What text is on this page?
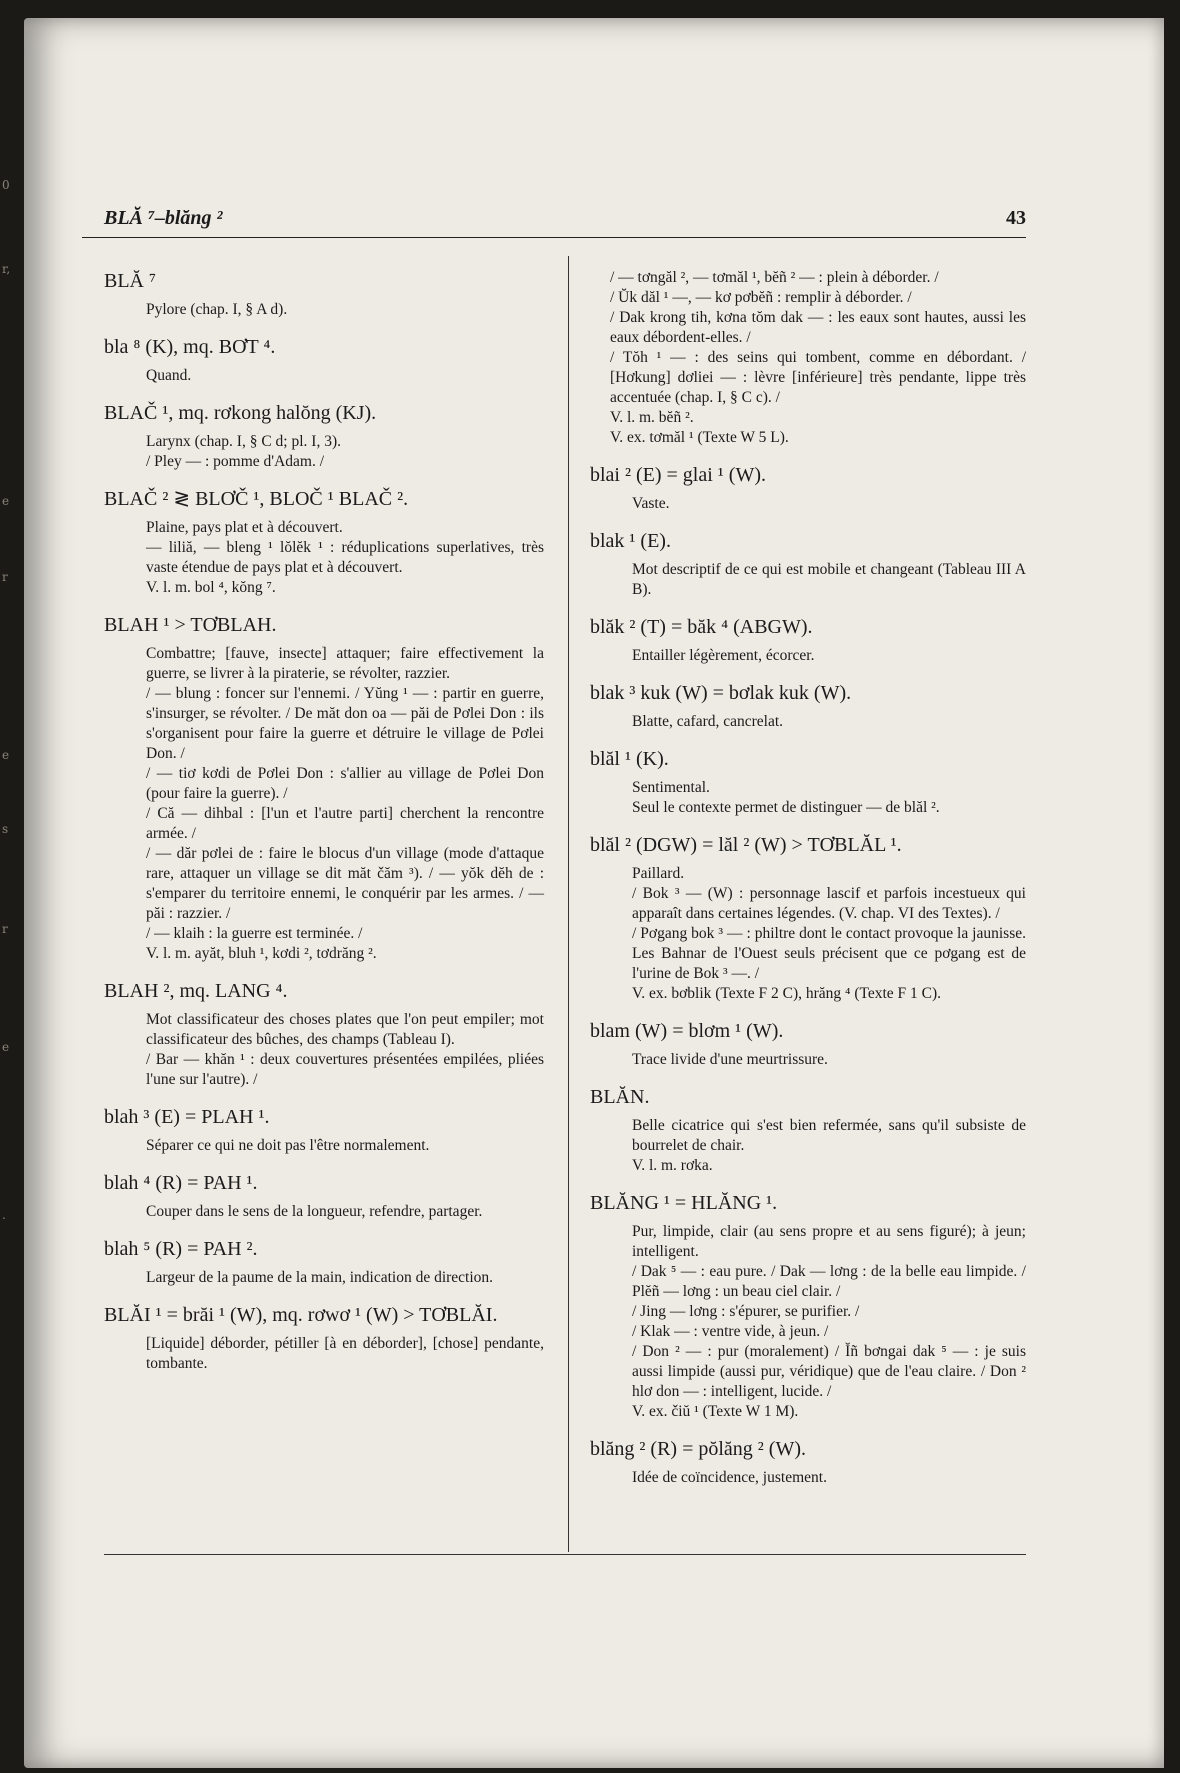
0
r,
e
r
e
s
r
e
.
BLĂ ⁷–blăng ²	43
BLĂ ⁷

Pylore (chap. I, § A d).

bla ⁸ (K), mq. BƠT ⁴.

Quand.

BLAČ ¹, mq. rơkong halŏng (KJ).

Larynx (chap. I, § C d; pl. I, 3).

/ Pley — : pomme d'Adam. /

BLAČ ² ≷ BLƠČ ¹, BLOČ ¹ BLAČ ².

Plaine, pays plat et à découvert.

— liliă, — bleng ¹ lŏlĕk ¹ : réduplications superlatives, très vaste étendue de pays plat et à découvert.

V. l. m. bol ⁴, kŏng ⁷.

BLAH ¹ > TƠBLAH.

Combattre; [fauve, insecte] attaquer; faire effectivement la guerre, se livrer à la piraterie, se révolter, razzier.

/ — blung : foncer sur l'ennemi. / Yŭng ¹ — : partir en guerre, s'insurger, se révolter. / De măt don oa — păi de Pơlei Don : ils s'organisent pour faire la guerre et détruire le village de Pơlei Don. /

/ — tiơ kơdi de Pơlei Don : s'allier au village de Pơlei Don (pour faire la guerre). /

/ Că — dihbal : [l'un et l'autre parti] cherchent la rencontre armée. /

/ — dăr pơlei de : faire le blocus d'un village (mode d'attaque rare, attaquer un village se dit măt čăm ³). / — yŏk dĕh de : s'emparer du territoire ennemi, le conquérir par les armes. / — păi : razzier. /

/ — klaih : la guerre est terminée. /

V. l. m. ayăt, bluh ¹, kơdi ², tơdrăng ².

BLAH ², mq. LANG ⁴.

Mot classificateur des choses plates que l'on peut empiler; mot classificateur des bûches, des champs (Tableau I).

/ Bar — khăn ¹ : deux couvertures présentées empilées, pliées l'une sur l'autre). /

blah ³ (E) = PLAH ¹.

Séparer ce qui ne doit pas l'être normalement.

blah ⁴ (R) = PAH ¹.

Couper dans le sens de la longueur, refendre, partager.

blah ⁵ (R) = PAH ².

Largeur de la paume de la main, indication de direction.

BLĂI ¹ = brăi ¹ (W), mq. rơwơ ¹ (W) > TƠBLĂI.

[Liquide] déborder, pétiller [à en déborder], [chose] pendante, tombante.

/ — tơngăl ², — tơmăl ¹, bĕñ ² — : plein à déborder. /

/ Ŭk dăl ¹ —, — kơ pơbĕñ : remplir à déborder. /

/ Dak krong tih, kơna tŏm dak — : les eaux sont hautes, aussi les eaux débordent-elles. /

/ Tŏh ¹ — : des seins qui tombent, comme en débordant. / [Hơkung] dơliei — : lèvre [inférieure] très pendante, lippe très accentuée (chap. I, § C c). /

V. l. m. bĕñ ².

V. ex. tơmăl ¹ (Texte W 5 L).

blai ² (E) = glai ¹ (W).

Vaste.

blak ¹ (E).

Mot descriptif de ce qui est mobile et changeant (Tableau III A B).

blăk ² (T) = băk ⁴ (ABGW).

Entailler légèrement, écorcer.

blak ³ kuk (W) = bơlak kuk (W).

Blatte, cafard, cancrelat.

blăl ¹ (K).

Sentimental.

Seul le contexte permet de distinguer — de blăl ².

blăl ² (DGW) = lăl ² (W) > TƠBLĂL ¹.

Paillard.

/ Bok ³ — (W) : personnage lascif et parfois incestueux qui apparaît dans certaines légendes. (V. chap. VI des Textes). /

/ Pơgang bok ³ — : philtre dont le contact provoque la jaunisse. Les Bahnar de l'Ouest seuls précisent que ce pơgang est de l'urine de Bok ³ —. /

V. ex. bơblik (Texte F 2 C), hrăng ⁴ (Texte F 1 C).

blam (W) = blơm ¹ (W).

Trace livide d'une meurtrissure.

BLĂN.

Belle cicatrice qui s'est bien refermée, sans qu'il subsiste de bourrelet de chair.

V. l. m. rơka.

BLĂNG ¹ = HLĂNG ¹.

Pur, limpide, clair (au sens propre et au sens figuré); à jeun; intelligent.

/ Dak ⁵ — : eau pure. / Dak — lơng : de la belle eau limpide. / Plĕñ — lơng : un beau ciel clair. /

/ Jing — lơng : s'épurer, se purifier. /

/ Klak — : ventre vide, à jeun. /

/ Don ² — : pur (moralement) / Ĭñ bơngai dak ⁵ — : je suis aussi limpide (aussi pur, véridique) que de l'eau claire. / Don ² hlơ don — : intelligent, lucide. /

V. ex. čiŭ ¹ (Texte W 1 M).

blăng ² (R) = pŏlăng ² (W).

Idée de coïncidence, justement.
